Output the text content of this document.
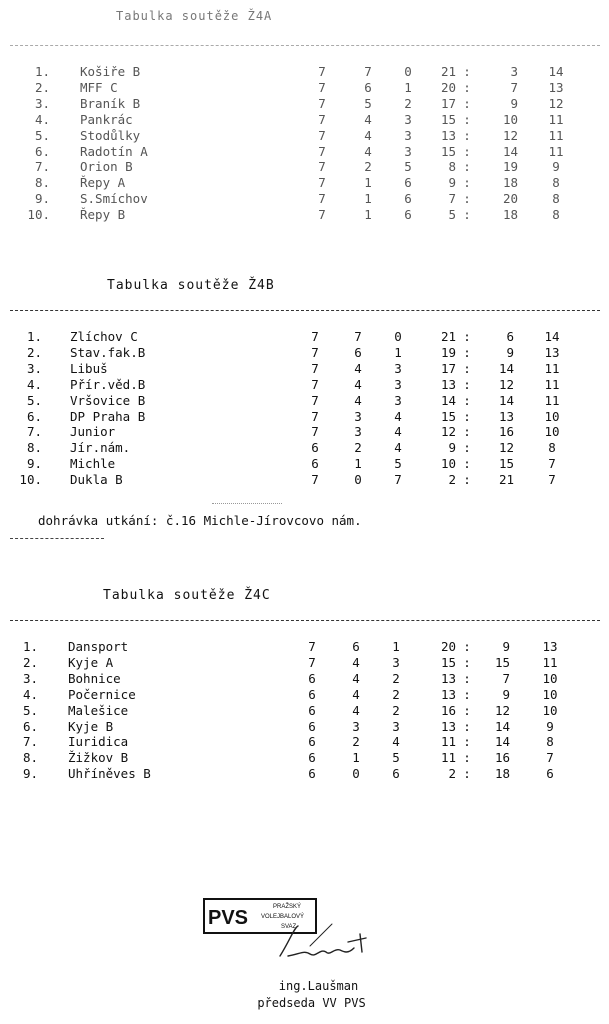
Tabulka soutěže Ž4A
1. Košiře B	7	7	0	21 :	3	14
2. MFF C	7	6	1	20 :	7	13
3. Braník B	7	5	2	17 :	9	12
4. Pankrác	7	4	3	15 :	10	11
5. Stodůlky	7	4	3	13 :	12	11
6. Radotín A	7	4	3	15 :	14	11
7. Orion B	7	2	5	8 :	19	9
8. Řepy A	7	1	6	9 :	18	8
9. S.Smíchov	7	1	6	7 :	20	8
10. Řepy B	7	1	6	5 :	18	8
Tabulka soutěže Ž4B
1. Zlíchov C	7	7	0	21 :	6	14
2. Stav.fak.B	7	6	1	19 :	9	13
3. Libuš	7	4	3	17 :	14	11
4. Přír.věd.B	7	4	3	13 :	12	11
5. Vršovice B	7	4	3	14 :	14	11
6. DP Praha B	7	3	4	15 :	13	10
7. Junior	7	3	4	12 :	16	10
8. Jír.nám.	6	2	4	9 :	12	8
9. Michle	6	1	5	10 :	15	7
10. Dukla B	7	0	7	2 :	21	7
dohrávka utkání: č.16 Michle-Jírovcovo nám.
Tabulka soutěže Ž4C
1. Dansport	7	6	1	20 :	9	13
2. Kyje A	7	4	3	15 :	15	11
3. Bohnice	6	4	2	13 :	7	10
4. Počernice	6	4	2	13 :	9	10
5. Malešice	6	4	2	16 :	12	10
6. Kyje B	6	3	3	13 :	14	9
7. Iuridica	6	2	4	11 :	14	8
8. Žižkov B	6	1	5	11 :	16	7
9. Uhříněves B	6	0	6	2 :	18	6
PVS	PRAŽSKÝ
VOLEJBALOVÝ
SVAZ
ing.Laušman
předseda VV PVS
